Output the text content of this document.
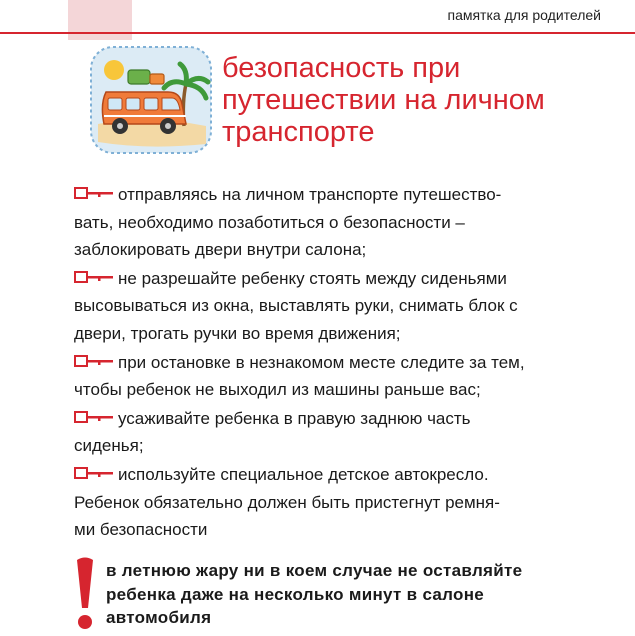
памятка для родителей
безопасность при
путешествии на личном
транспорте

отправляясь на личном транспорте путешество-
вать, необходимо позаботиться о безопасности –
заблокировать двери внутри салона;

не разрешайте ребенку стоять между сиденьями
высовываться из окна, выставлять руки, снимать блок с
двери, трогать ручки во время движения;

при остановке в незнакомом месте следите за тем,
чтобы ребенок не выходил из машины раньше вас;

усаживайте ребенка в правую заднюю часть
сиденья;

используйте специальное детское автокресло.
Ребенок обязательно должен быть пристегнут ремня-
ми безопасности

в летнюю жару ни в коем случае не оставляйте
ребенка даже на несколько минут в салоне
автомобиля
